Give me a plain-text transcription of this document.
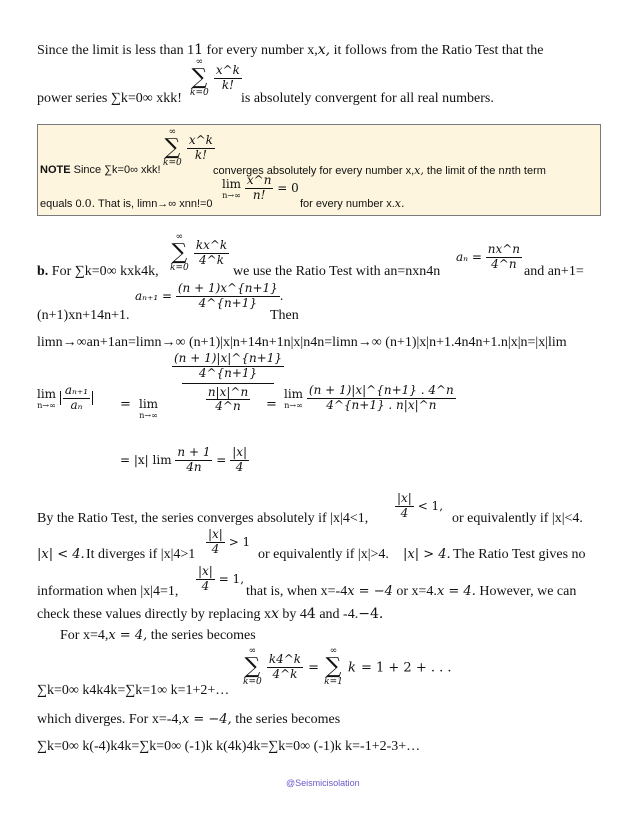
Since the limit is less than 11 for every number x,x, it follows from the Ratio Test that the
∞
∑
k=0

$\frac{x\^{}k}{k!}$
power series ∑k=0∞ xkk!	is absolutely convergent for all real numbers.
∞
∑
k=0

$\frac{x\^{}k}{k!}$
NOTE Since ∑k=0∞ xkk!	converges absolutely for every number x,x, the limit of the nnth term
lim
n→∞
$\frac{x\^{}n}{n!} = 0$
equals 0.0. That is, limn→∞ xnn!=0	for every number x.x.
∞
∑
k=0

$\frac{kx\^{}k}{4\^{}k}$	$a_n = \frac{nx\^{}n}{4\^{}n}$
b. For ∑k=0∞ kxk4k,	we use the Ratio Test with an=nxn4n	and an+1=
$a_{n+1} = \frac{(n + 1)x\^{}\{n+1\}}{4\^{}\{n+1\}}$ .
(n+1)xn+14n+1.	Then
limn→∞an+1an=limn→∞ (n+1)|x|n+14n+1n|x|n4n=limn→∞ (n+1)|x|n+1.4n4n+1.n|x|n=|x|lim
lim
n→∞
$\frac{\text{aₙ₊₁}}{\text{aₙ}} = \lim$
n→∞
$\frac{(n + 1)|x|\^{}\{n+1\}}{4\^{}\{n+1\}}$
$\frac{n|x|\^{}n}{4\^{}n}$ =
lim
n→∞
$\frac{(n + 1)|x|\^{}\{n+1\} . 4\^{}n}{4\^{}\{n+1\} . n|x|\^{}n}$
= |x| $\lim \frac{n + 1}{4n} = \frac{|x|}{4}$
$\frac{|x|}{4} < 1$,
By the Ratio Test, the series converges absolutely if |x|4<1,	or equivalently if |x|<4.
|x| < 4. It diverges if $|x|4>1 \frac{|x|}{4} > 1$
or equivalently if |x|>4. |x| > 4. The Ratio Test gives no
information when |x|4=1, $\frac{|x|}{4} = 1$,
that is, when x=-4x = −4 or x=4.x = 4. However, we can
check these values directly by replacing xx by 44 and -4.−4.
For x=4,x = 4, the series becomes
∞
∑
k=0

$\frac{k4\^{}k}{4\^{}k}$ =
∞
∑
k=1
k = 1 + 2 + . . .
∑k=0∞ k4k4k=∑k=1∞ k=1+2+…
which diverges. For x=-4,x = −4, the series becomes
∑k=0∞ k(-4)k4k=∑k=0∞ (-1)k k(4k)4k=∑k=0∞ (-1)k k=-1+2-3+…
@Seismicisolation
